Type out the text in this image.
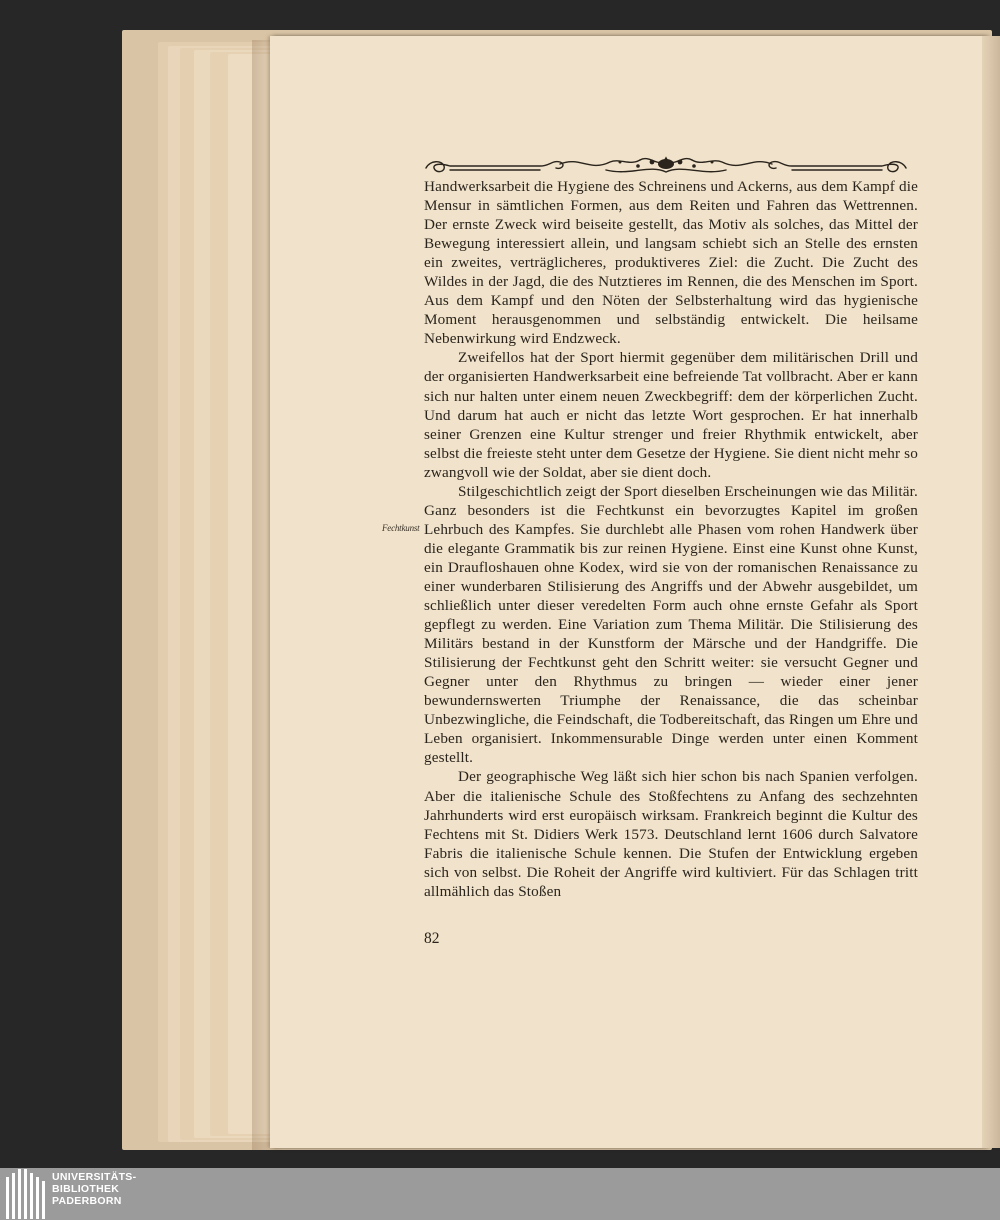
Handwerksarbeit die Hygiene des Schreinens und Ackerns, aus dem Kampf die Mensur in sämtlichen Formen, aus dem Reiten und Fahren das Wettrennen. Der ernste Zweck wird beiseite gestellt, das Motiv als solches, das Mittel der Bewegung interessiert allein, und langsam schiebt sich an Stelle des ernsten ein zweites, verträglicheres, produktiveres Ziel: die Zucht. Die Zucht des Wildes in der Jagd, die des Nutztieres im Rennen, die des Menschen im Sport. Aus dem Kampf und den Nöten der Selbsterhaltung wird das hygienische Moment herausgenommen und selbständig entwickelt. Die heilsame Nebenwirkung wird Endzweck.

Zweifellos hat der Sport hiermit gegenüber dem militärischen Drill und der organisierten Handwerksarbeit eine befreiende Tat vollbracht. Aber er kann sich nur halten unter einem neuen Zweckbegriff: dem der körperlichen Zucht. Und darum hat auch er nicht das letzte Wort gesprochen. Er hat innerhalb seiner Grenzen eine Kultur strenger und freier Rhythmik entwickelt, aber selbst die freieste steht unter dem Gesetze der Hygiene. Sie dient nicht mehr so zwangvoll wie der Soldat, aber sie dient doch.

Stilgeschichtlich zeigt der Sport dieselben Erscheinungen wie das Militär. Ganz besonders ist die Fechtkunst ein bevorzugtes Kapitel im großen Lehrbuch des Kampfes. Sie durchlebt alle Phasen vom rohen Handwerk über die elegante Grammatik bis zur reinen Hygiene. Einst eine Kunst ohne Kunst, ein Draufloshauen ohne Kodex, wird sie von der romanischen Renaissance zu einer wunderbaren Stilisierung des Angriffs und der Abwehr ausgebildet, um schließlich unter dieser veredelten Form auch ohne ernste Gefahr als Sport gepflegt zu werden. Eine Variation zum Thema Militär. Die Stilisierung des Militärs bestand in der Kunstform der Märsche und der Handgriffe. Die Stilisierung der Fechtkunst geht den Schritt weiter: sie versucht Gegner und Gegner unter den Rhythmus zu bringen — wieder einer jener bewundernswerten Triumphe der Renaissance, die das scheinbar Unbezwingliche, die Feindschaft, die Todbereitschaft, das Ringen um Ehre und Leben organisiert. Inkommensurable Dinge werden unter einen Komment gestellt.

Der geographische Weg läßt sich hier schon bis nach Spanien verfolgen. Aber die italienische Schule des Stoßfechtens zu Anfang des sechzehnten Jahrhunderts wird erst europäisch wirksam. Frankreich beginnt die Kultur des Fechtens mit St. Didiers Werk 1573. Deutschland lernt 1606 durch Salvatore Fabris die italienische Schule kennen. Die Stufen der Entwicklung ergeben sich von selbst. Die Roheit der Angriffe wird kultiviert. Für das Schlagen tritt allmählich das Stoßen

Fechtkunst
82
UNIVERSITÄTS-
BIBLIOTHEK
PADERBORN
